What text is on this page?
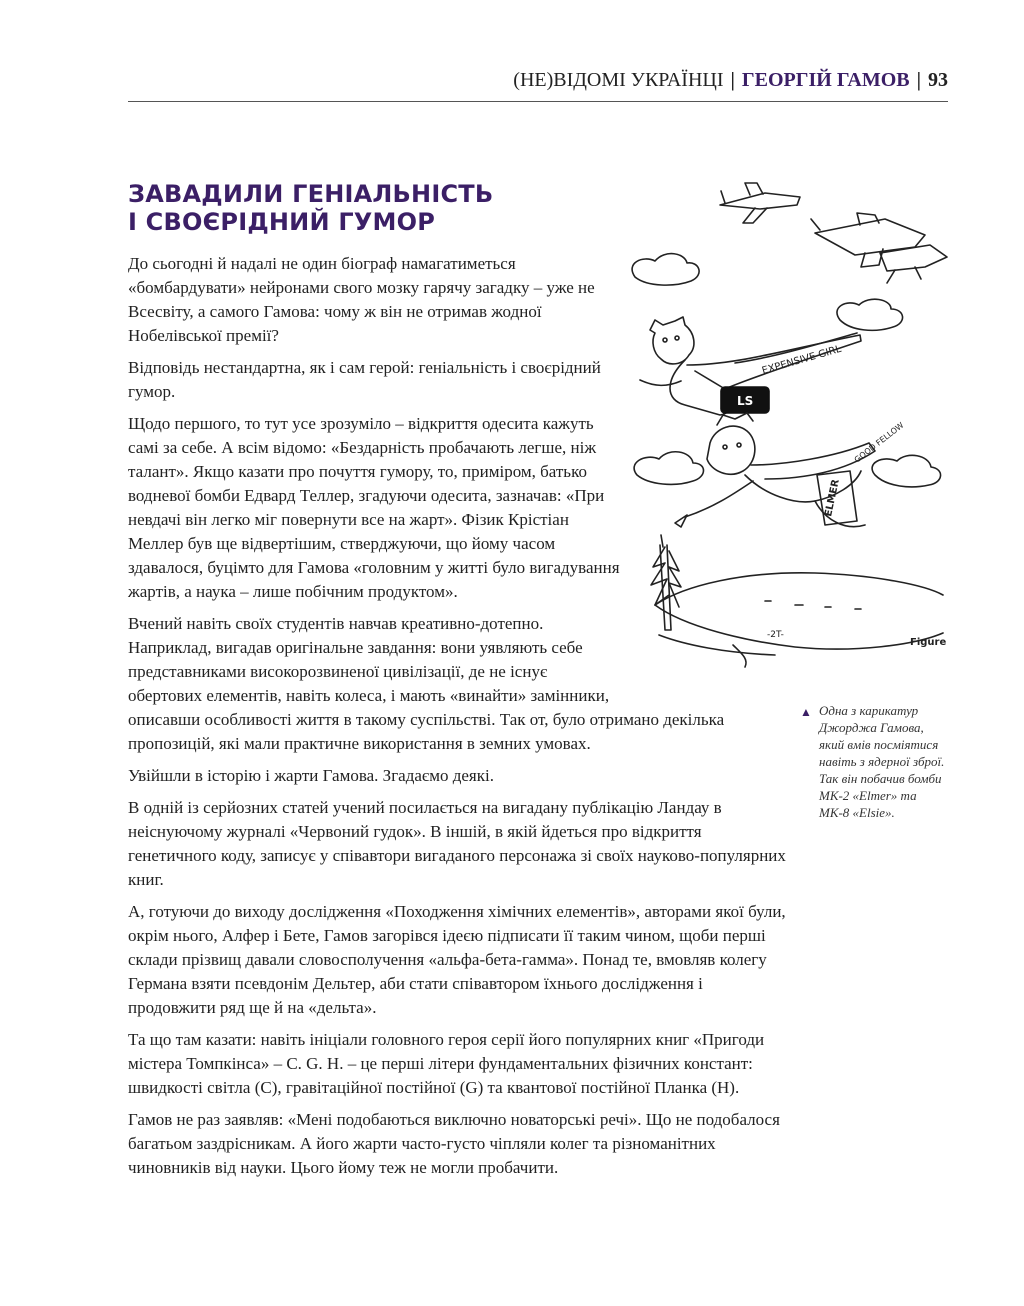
(НЕ)ВІДОМІ УКРАЇНЦІ | ГЕОРГІЙ ГАМОВ | 93
ЗАВАДИЛИ ГЕНІАЛЬНІСТЬ
І СВОЄРІДНИЙ ГУМОР

До сьогодні й надалі не один біограф намагатиметься «бомбардувати» нейронами свого мозку гарячу загадку – уже не Всесвіту, а самого Гамова: чому ж він не отримав жодної Нобелівської премії?

Відповідь нестандартна, як і сам герой: геніальність і своєрідний гумор.

Щодо першого, то тут усе зрозуміло – відкриття одесита кажуть самі за себе. А всім відомо: «Бездарність пробачають легше, ніж талант». Якщо казати про почуття гумору, то, приміром, батько водневої бомби Едвард Теллер, згадуючи одесита, зазначав: «При невдачі він легко міг повернути все на жарт». Фізик Крістіан Меллер був ще відвертішим, стверджуючи, що йому часом здавалося, буцімто для Гамова «головним у житті було вигадування жартів, а наука – лише побічним продуктом».

Вчений навіть своїх студентів навчав креативно-дотепно. Наприклад, вигадав оригінальне завдання: вони уявляють себе представниками високорозвиненої цивілізації, де не існує обертових елементів, навіть колеса, і мають «винайти» замінники, описавши особливості життя в такому суспільстві. Так от, було отримано декілька пропозицій, які мали практичне використання в земних умовах.

Увійшли в історію і жарти Гамова. Згадаємо деякі.

В одній із серйозних статей учений посилається на вигадану публікацію Ландау в неіснуючому журналі «Червоний гудок». В іншій, в якій йдеться про відкриття генетичного коду, записує у співавтори вигаданого персонажа зі своїх науково-популярних книг.

А, готуючи до виходу дослідження «Походження хімічних елементів», авторами якої були, окрім нього, Алфер і Бете, Гамов загорівся ідеєю підписати її таким чином, щоби перші склади прізвищ давали словосполучення «альфа-бета-гамма». Понад те, вмовляв колегу Германа взяти псевдонім Дельтер, аби стати співавтором їхнього дослідження і продовжити ряд ще й на «дельта».

Та що там казати: навіть ініціали головного героя серії його популярних книг «Пригоди містера Томпкінса» – C. G. H. – це перші літери фундаментальних фізичних констант: швидкості світла (C), гравітаційної постійної (G) та квантової постійної Планка (H).

Гамов не раз заявляв: «Мені подобаються виключно новаторські речі». Що не подобалося багатьом заздрісникам. А його жарти часто-густо чіпляли колег та різноманітних чиновників від науки. Цього йому теж не могли пробачити.

EXPENSIVE GIRL
GOOD FELLOW
LS
ELMER
-2T-
Figure
▲ Одна з карикатур Джорджа Гамова, який вмів посміятися навіть з ядерної зброї. Так він побачив бомби МК-2 «Elmer» та МК-8 «Elsie».
